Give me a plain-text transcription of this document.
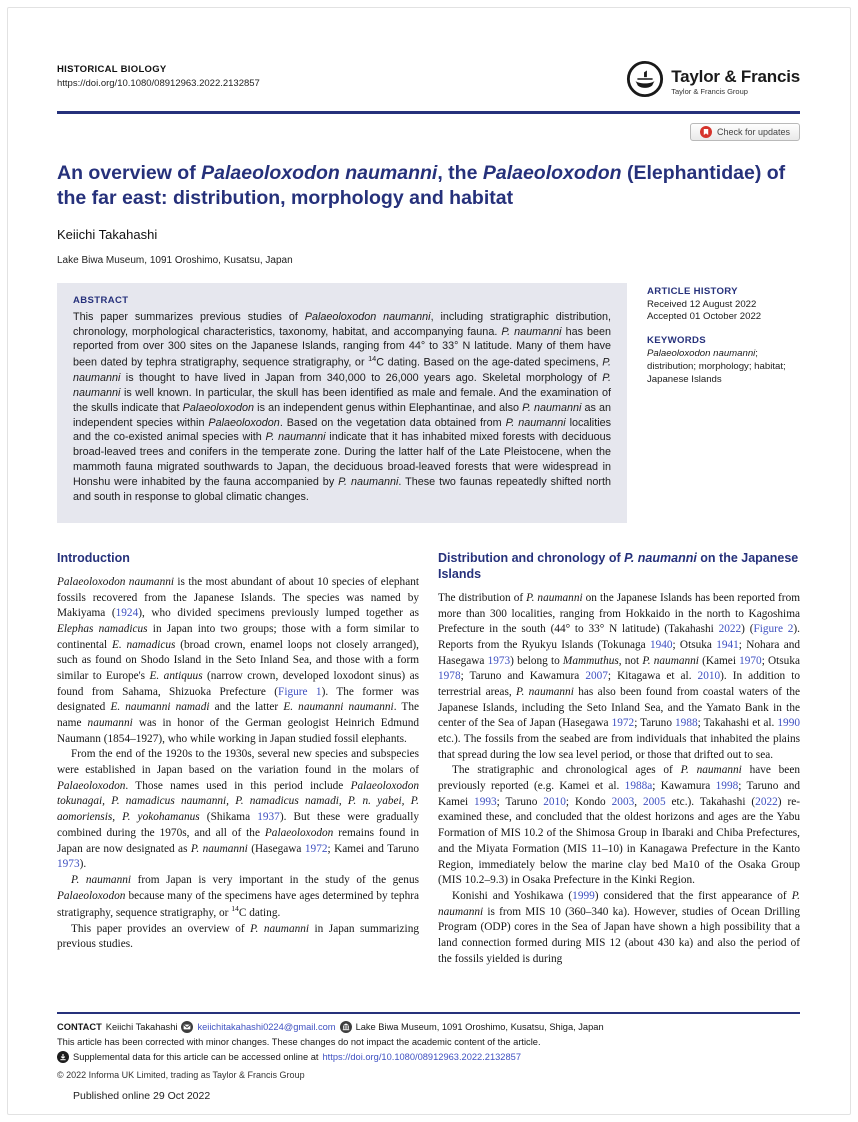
HISTORICAL BIOLOGY
https://doi.org/10.1080/08912963.2022.2132857	Taylor & Francis
Taylor & Francis Group
Check for updates
An overview of Palaeoloxodon naumanni, the Palaeoloxodon (Elephantidae) of the far east: distribution, morphology and habitat
Keiichi Takahashi
Lake Biwa Museum, 1091 Oroshimo, Kusatsu, Japan
ABSTRACT
This paper summarizes previous studies of Palaeoloxodon naumanni, including stratigraphic distribution, chronology, morphological characteristics, taxonomy, habitat, and accompanying fauna. P. naumanni has been reported from over 300 sites on the Japanese Islands, ranging from 44° to 33° N latitude. Many of them have been dated by tephra stratigraphy, sequence stratigraphy, or $^{14}$C dating. Based on the age-dated specimens, P. naumanni is thought to have lived in Japan from 340,000 to 26,000 years ago. Skeletal morphology of P. naumanni is well known. In particular, the skull has been identified as male and female. And the examination of the skulls indicate that Palaeoloxodon is an independent genus within Elephantinae, and also P. naumanni as an independent species within Palaeoloxodon. Based on the vegetation data obtained from P. naumanni localities and the co-existed animal species with P. naumanni indicate that it has inhabited mixed forests with deciduous broad-leaved trees and conifers in the temperate zone. During the latter half of the Late Pleistocene, when the mammoth fauna migrated southwards to Japan, the deciduous broad-leaved forests that were widespread in Honshu were inhabited by the fauna accompanied by P. naumanni. These two faunas repeatedly shifted north and south in response to global climatic changes.
ARTICLE HISTORY
Received 12 August 2022
Accepted 01 October 2022
KEYWORDS
Palaeoloxodon naumanni; distribution; morphology; habitat; Japanese Islands
Introduction

Palaeoloxodon naumanni is the most abundant of about 10 species of elephant fossils recovered from the Japanese Islands. The species was named by Makiyama (1924), who divided specimens previously lumped together as Elephas namadicus in Japan into two groups; those with a form similar to continental E. namadicus (broad crown, enamel loops not closely arranged), such as found on Shodo Island in the Seto Inland Sea, and those with a form similar to Europe's E. antiquus (narrow crown, developed loxodont sinus) as found from Sahama, Shizuoka Prefecture (Figure 1). The former was designated E. naumanni namadi and the latter E. naumanni naumanni. The name naumanni was in honor of the German geologist Heinrich Edmund Naumann (1854–1927), who while working in Japan studied fossil elephants.

From the end of the 1920s to the 1930s, several new species and subspecies were established in Japan based on the variation found in the molars of Palaeoloxodon. Those names used in this period include Palaeoloxodon tokunagai, P. namadicus naumanni, P. namadicus namadi, P. n. yabei, P. aomoriensis, P. yokohamanus (Shikama 1937). But these were gradually combined during the 1970s, and all of the Palaeoloxodon remains found in Japan are now designated as P. naumanni (Hasegawa 1972; Kamei and Taruno 1973).

P. naumanni from Japan is very important in the study of the genus Palaeoloxodon because many of the specimens have ages determined by tephra stratigraphy, sequence stratigraphy, or $^{14}$C dating.

This paper provides an overview of P. naumanni in Japan summarizing previous studies.

Distribution and chronology of P. naumanni on the Japanese Islands

The distribution of P. naumanni on the Japanese Islands has been reported from more than 300 localities, ranging from Hokkaido in the north to Kagoshima Prefecture in the south (44° to 33° N latitude) (Takahashi 2022) (Figure 2). Reports from the Ryukyu Islands (Tokunaga 1940; Otsuka 1941; Nohara and Hasegawa 1973) belong to Mammuthus, not P. naumanni (Kamei 1970; Otsuka 1978; Taruno and Kawamura 2007; Kitagawa et al. 2010). In addition to terrestrial areas, P. naumanni has also been found from coastal waters of the Japanese Islands, including the Seto Inland Sea, and the Yamato Bank in the center of the Sea of Japan (Hasegawa 1972; Taruno 1988; Takahashi et al. 1990 etc.). The fossils from the seabed are from individuals that inhabited the plains that spread during the low sea level period, or those that drifted out to sea.

The stratigraphic and chronological ages of P. naumanni have been previously reported (e.g. Kamei et al. 1988a; Kawamura 1998; Taruno and Kamei 1993; Taruno 2010; Kondo 2003, 2005 etc.). Takahashi (2022) re-examined these, and concluded that the oldest horizons and ages are the Yabu Formation of MIS 10.2 of the Shimosa Group in Ibaraki and Chiba Prefectures, and the Miyata Formation (MIS 11–10) in Kanagawa Prefecture in the Kanto Region, immediately below the marine clay bed Ma10 of the Osaka Group (MIS 10.2–9.3) in Osaka Prefecture in the Kinki Region.

Konishi and Yoshikawa (1999) considered that the first appearance of P. naumanni is from MIS 10 (360–340 ka). However, studies of Ocean Drilling Program (ODP) cores in the Sea of Japan have shown a high possibility that a land connection formed during MIS 12 (about 430 ka) and also the period of the fossils yielded is during

CONTACT Keiichi Takahashi keiichitakahashi0224@gmail.com Lake Biwa Museum, 1091 Oroshimo, Kusatsu, Shiga, Japan
This article has been corrected with minor changes. These changes do not impact the academic content of the article.
Supplemental data for this article can be accessed online at https://doi.org/10.1080/08912963.2022.2132857
© 2022 Informa UK Limited, trading as Taylor & Francis Group
Published online 29 Oct 2022
